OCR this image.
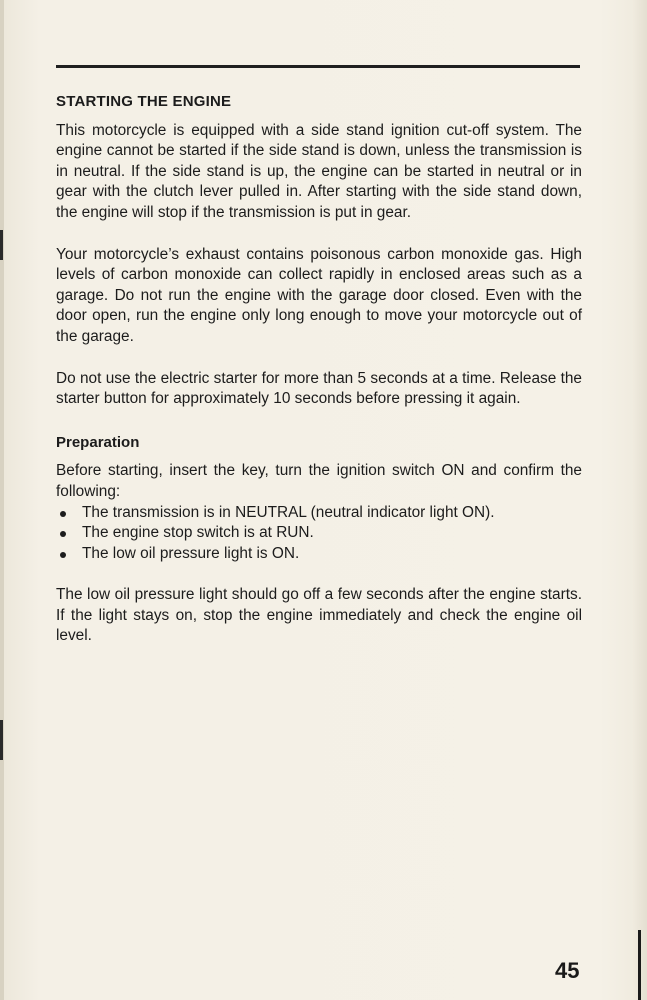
STARTING THE ENGINE

This motorcycle is equipped with a side stand ignition cut-off system. The engine cannot be started if the side stand is down, unless the transmission is in neutral. If the side stand is up, the engine can be started in neutral or in gear with the clutch lever pulled in. After starting with the side stand down, the engine will stop if the transmission is put in gear.

Your motorcycle’s exhaust contains poisonous carbon monoxide gas. High levels of carbon monoxide can collect rapidly in enclosed areas such as a garage. Do not run the engine with the garage door closed. Even with the door open, run the engine only long enough to move your motorcycle out of the garage.

Do not use the electric starter for more than 5 seconds at a time. Release the starter button for approximately 10 seconds before pressing it again.

Preparation

Before starting, insert the key, turn the ignition switch ON and confirm the following:

The transmission is in NEUTRAL (neutral indicator light ON).
The engine stop switch is at RUN.
The low oil pressure light is ON.

The low oil pressure light should go off a few seconds after the engine starts. If the light stays on, stop the engine immediately and check the engine oil level.

45
